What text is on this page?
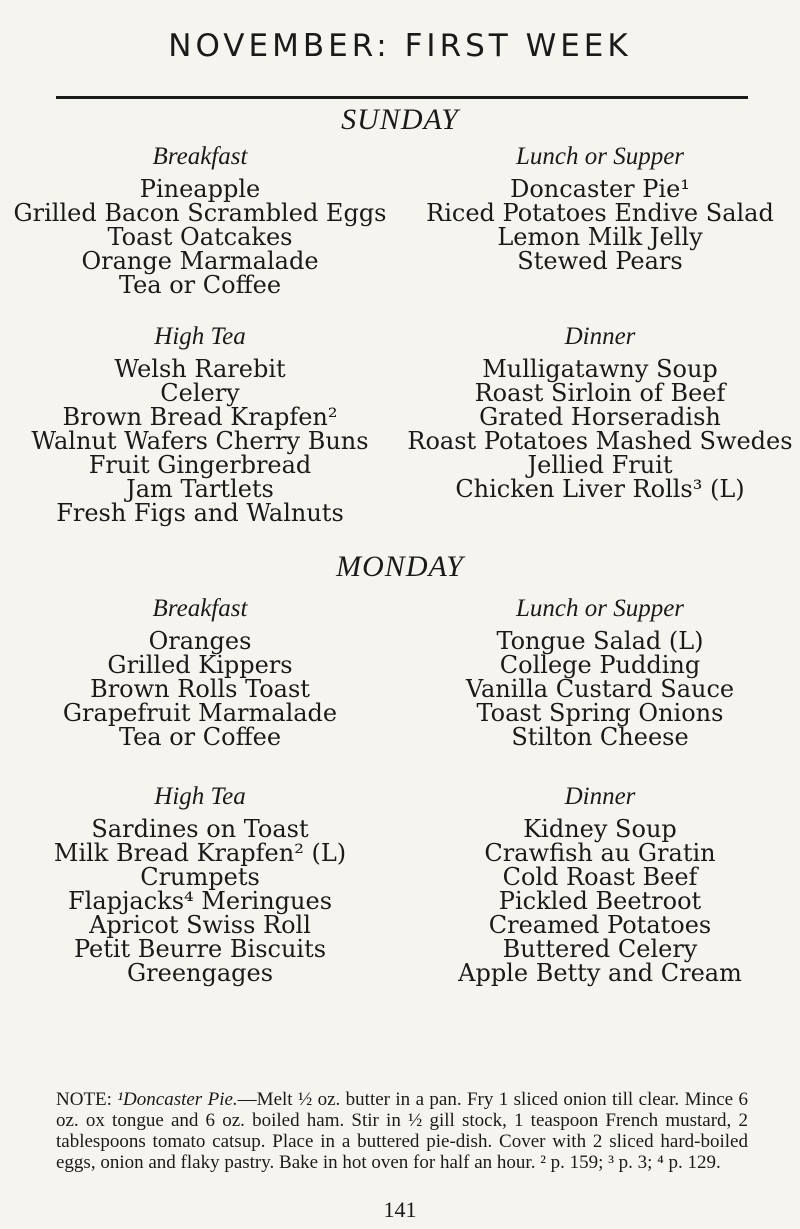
NOVEMBER: FIRST WEEK
SUNDAY
Breakfast
Pineapple
Grilled Bacon Scrambled Eggs
Toast Oatcakes
Orange Marmalade
Tea or Coffee
Lunch or Supper
Doncaster Pie¹
Riced Potatoes Endive Salad
Lemon Milk Jelly
Stewed Pears
High Tea
Welsh Rarebit
Celery
Brown Bread Krapfen²
Walnut Wafers Cherry Buns
Fruit Gingerbread
Jam Tartlets
Fresh Figs and Walnuts
Dinner
Mulligatawny Soup
Roast Sirloin of Beef
Grated Horseradish
Roast Potatoes Mashed Swedes
Jellied Fruit
Chicken Liver Rolls³ (L)
MONDAY
Breakfast
Oranges
Grilled Kippers
Brown Rolls Toast
Grapefruit Marmalade
Tea or Coffee
Lunch or Supper
Tongue Salad (L)
College Pudding
Vanilla Custard Sauce
Toast Spring Onions
Stilton Cheese
High Tea
Sardines on Toast
Milk Bread Krapfen² (L)
Crumpets
Flapjacks⁴ Meringues
Apricot Swiss Roll
Petit Beurre Biscuits
Greengages
Dinner
Kidney Soup
Crawfish au Gratin
Cold Roast Beef
Pickled Beetroot
Creamed Potatoes
Buttered Celery
Apple Betty and Cream
NOTE: ¹Doncaster Pie.—Melt ½ oz. butter in a pan. Fry 1 sliced onion till clear. Mince 6 oz. ox tongue and 6 oz. boiled ham. Stir in ½ gill stock, 1 teaspoon French mustard, 2 tablespoons tomato catsup. Place in a buttered pie-dish. Cover with 2 sliced hard-boiled eggs, onion and flaky pastry. Bake in hot oven for half an hour. ² p. 159; ³ p. 3; ⁴ p. 129.
141
